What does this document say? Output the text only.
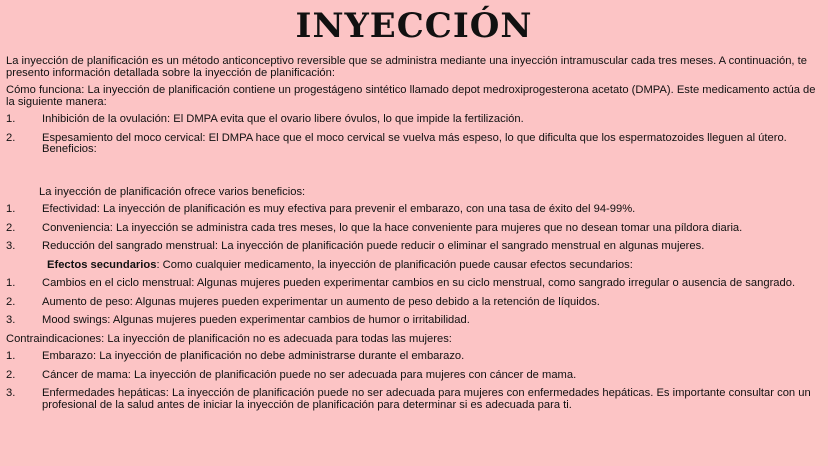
INYECCIÓN

La inyección de planificación es un método anticonceptivo reversible que se administra mediante una inyección intramuscular cada tres meses. A continuación, te presento información detallada sobre la inyección de planificación:

Cómo funciona: La inyección de planificación contiene un progestágeno sintético llamado depot medroxiprogesterona acetato (DMPA). Este medicamento actúa de la siguiente manera:

1.	Inhibición de la ovulación: El DMPA evita que el ovario libere óvulos, lo que impide la fertilización.
2.	Espesamiento del moco cervical: El DMPA hace que el moco cervical se vuelva más espeso, lo que dificulta que los espermatozoides lleguen al útero. Beneficios:

La inyección de planificación ofrece varios beneficios:

1.	Efectividad: La inyección de planificación es muy efectiva para prevenir el embarazo, con una tasa de éxito del 94-99%.
2.	Conveniencia: La inyección se administra cada tres meses, lo que la hace conveniente para mujeres que no desean tomar una píldora diaria.
3.	Reducción del sangrado menstrual: La inyección de planificación puede reducir o eliminar el sangrado menstrual en algunas mujeres.

Efectos secundarios: Como cualquier medicamento, la inyección de planificación puede causar efectos secundarios:

1.	Cambios en el ciclo menstrual: Algunas mujeres pueden experimentar cambios en su ciclo menstrual, como sangrado irregular o ausencia de sangrado.
2.	Aumento de peso: Algunas mujeres pueden experimentar un aumento de peso debido a la retención de líquidos.
3.	Mood swings: Algunas mujeres pueden experimentar cambios de humor o irritabilidad.

Contraindicaciones: La inyección de planificación no es adecuada para todas las mujeres:

1.	Embarazo: La inyección de planificación no debe administrarse durante el embarazo.
2.	Cáncer de mama: La inyección de planificación puede no ser adecuada para mujeres con cáncer de mama.
3.	Enfermedades hepáticas: La inyección de planificación puede no ser adecuada para mujeres con enfermedades hepáticas. Es importante consultar con un profesional de la salud antes de iniciar la inyección de planificación para determinar si es adecuada para ti.
